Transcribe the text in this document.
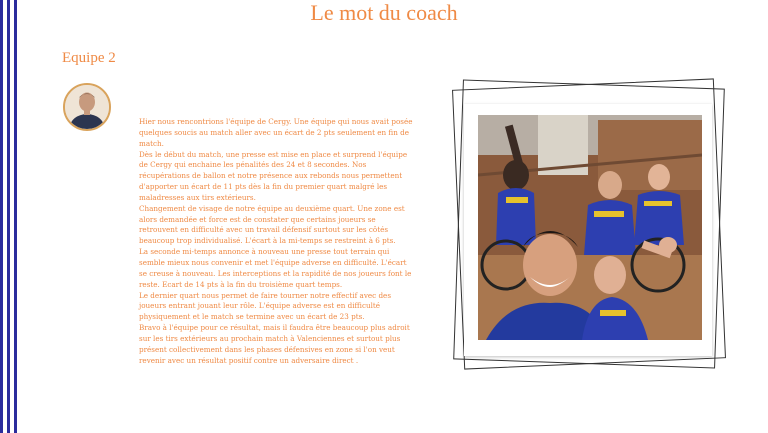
Le mot du coach
Equipe 2

Hier nous rencontrions l'équipe de Cergy. Une équipe qui nous avait posée quelques soucis au match aller avec un écart de 2 pts seulement en fin de match.

Dès le début du match, une presse est mise en place et surprend l'équipe de Cergy qui enchaine les pénalités des 24 et 8 secondes. Nos récupérations de ballon et notre présence aux rebonds nous permettent d'apporter un écart de 11 pts dès la fin du premier quart malgré les maladresses aux tirs extérieurs.

Changement de visage de notre équipe au deuxième quart. Une zone est alors demandée et force est de constater que certains joueurs se retrouvent en difficulté avec un travail défensif surtout sur les côtés beaucoup trop individualisé. L'écart à la mi-temps se restreint à 6 pts.

La seconde mi-temps annonce à nouveau une presse tout terrain qui semble mieux nous convenir et met l'équipe adverse en difficulté. L'écart se creuse à nouveau. Les interceptions et la rapidité de nos joueurs font le reste. Ecart de 14 pts à la fin du troisième quart temps.

Le dernier quart nous permet de faire tourner notre effectif avec des joueurs entrant jouant leur rôle. L'équipe adverse est en difficulté physiquement et le match se termine avec un écart de 23 pts.

Bravo à l'équipe pour ce résultat, mais il faudra être beaucoup plus adroit sur les tirs extérieurs au prochain match à Valenciennes et surtout plus présent collectivement dans les phases défensives en zone si l'on veut revenir avec un résultat positif contre un adversaire direct .
